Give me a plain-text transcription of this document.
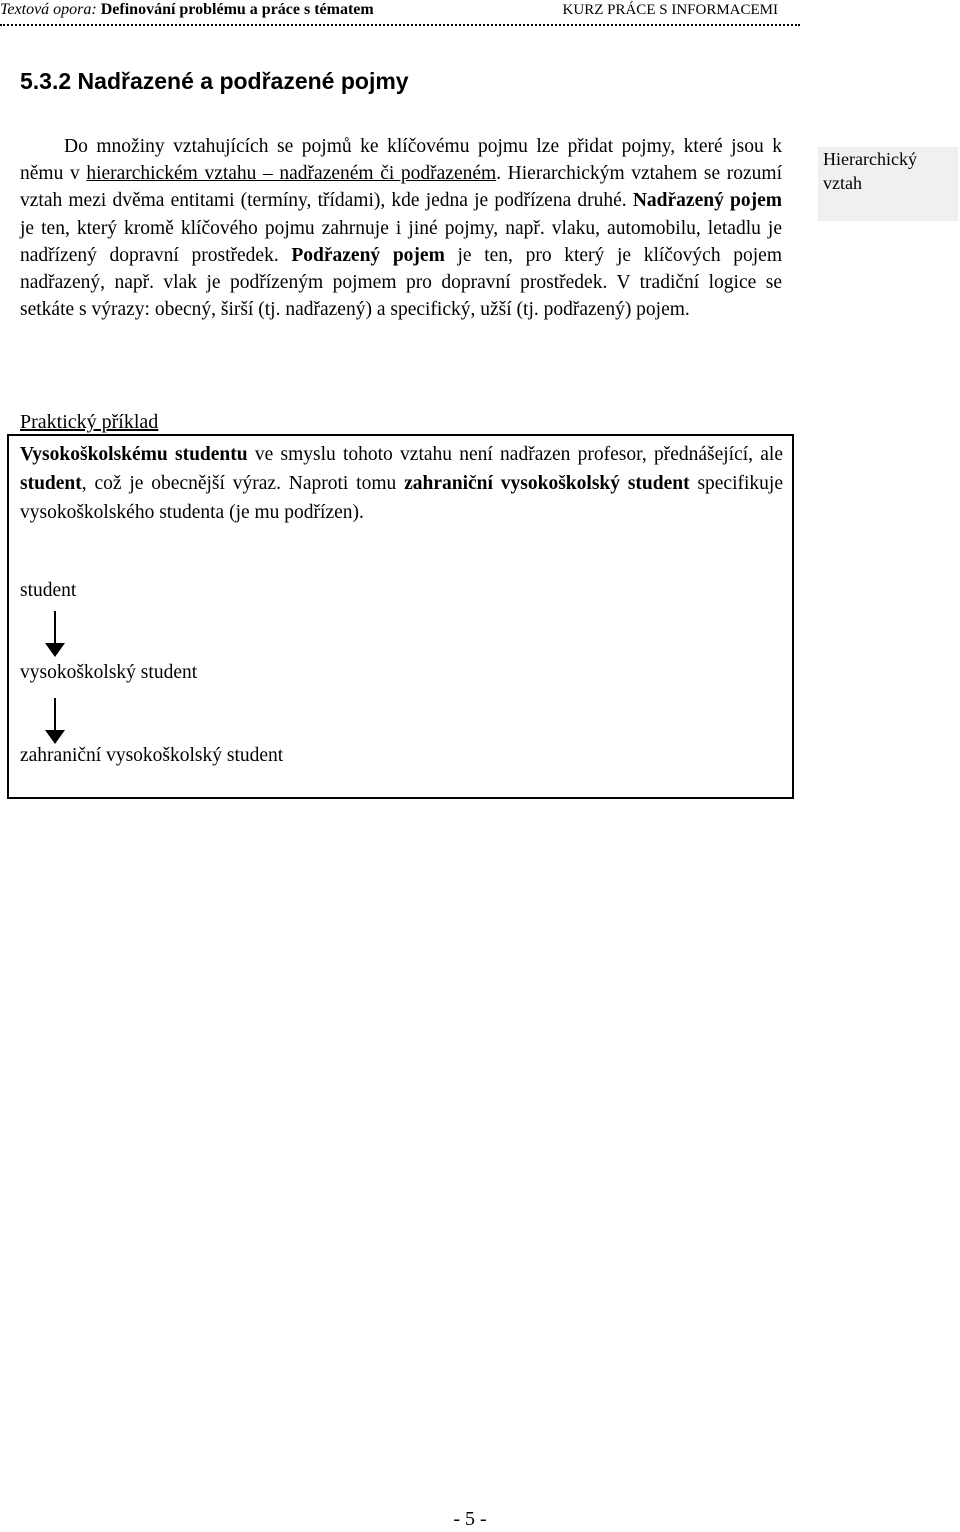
Textová opora: Definování problému a práce s tématem	KURZ PRÁCE S INFORMACEMI
5.3.2 Nadřazené a podřazené pojmy

Do množiny vztahujících se pojmů ke klíčovému pojmu lze přidat pojmy, které jsou k němu v hierarchickém vztahu – nadřazeném či podřazeném. Hierarchickým vztahem se rozumí vztah mezi dvěma entitami (termíny, třídami), kde jedna je podřízena druhé. Nadřazený pojem je ten, který kromě klíčového pojmu zahrnuje i jiné pojmy, např. vlaku, automobilu, letadlu je nadřízený dopravní prostředek. Podřazený pojem je ten, pro který je klíčových pojem nadřazený, např. vlak je podřízeným pojmem pro dopravní prostředek. V tradiční logice se setkáte s výrazy: obecný, širší (tj. nadřazený) a specifický, užší (tj. podřazený) pojem.

Hierarchický
vztah
Praktický příklad

Vysokoškolskému studentu ve smyslu tohoto vztahu není nadřazen profesor, přednášející, ale student, což je obecnější výraz. Naproti tomu zahraniční vysokoškolský student specifikuje vysokoškolského studenta (je mu podřízen).

student
vysokoškolský student
zahraniční vysokoškolský student
- 5 -
